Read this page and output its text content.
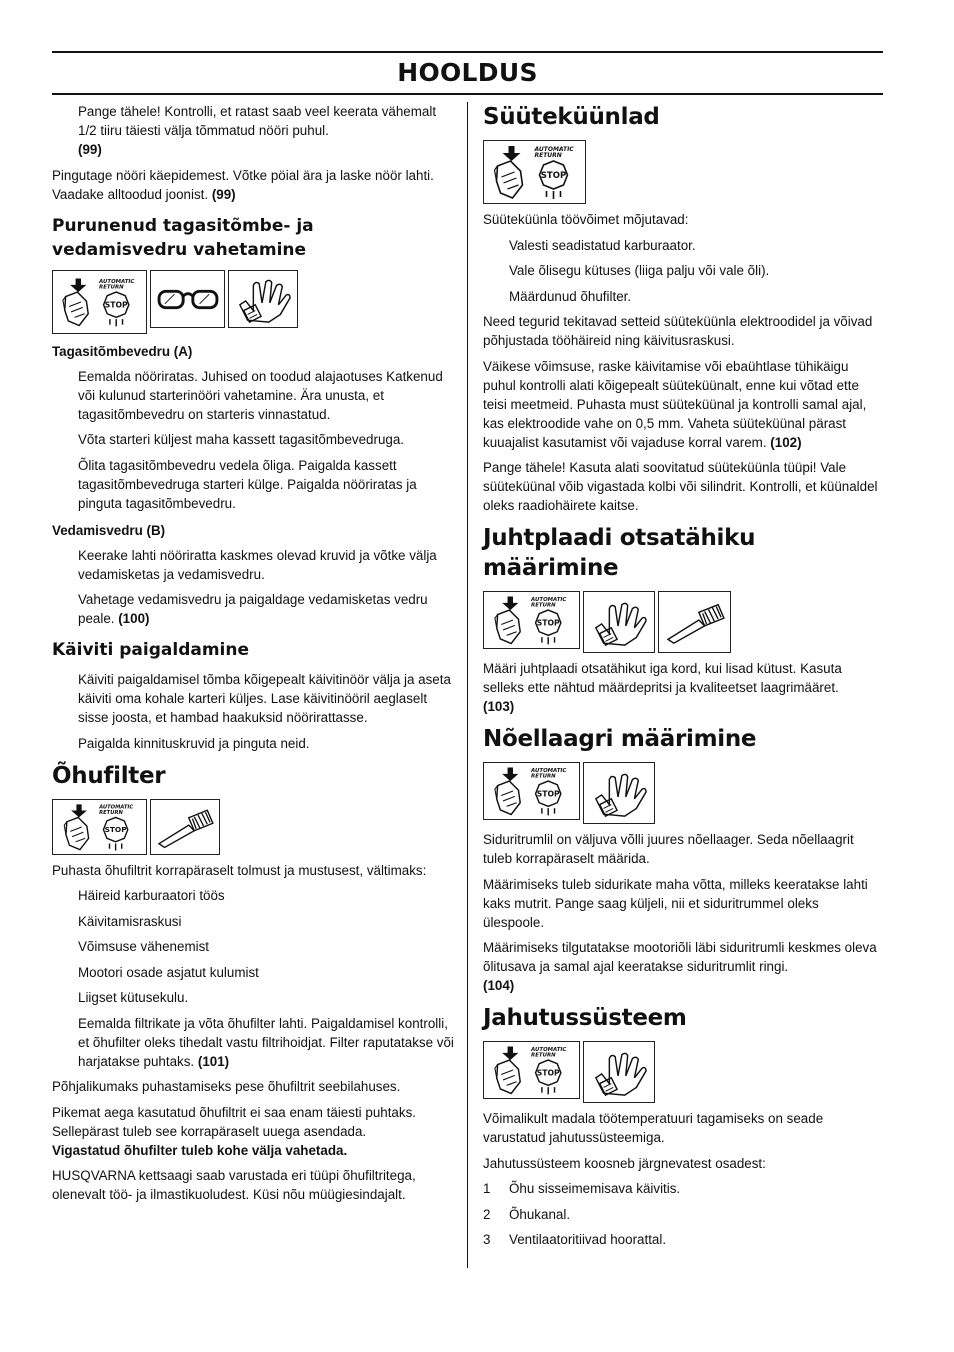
HOOLDUS

Pange tähele! Kontrolli, et ratast saab veel keerata vähemalt 1/2 tiiru täiesti välja tõmmatud nööri puhul.
(99)

Pingutage nööri käepidemest. Võtke pöial ära ja laske nöör lahti. Vaadake alltoodud joonist. (99)

Purunenud tagasitõmbe- ja vedamisvedru vahetamine
Tagasitõmbevedru (A)

Eemalda nööriratas. Juhised on toodud alajaotuses Katkenud või kulunud starterinööri vahetamine. Ära unusta, et tagasitõmbevedru on starteris vinnastatud.

Võta starteri küljest maha kassett tagasitõmbevedruga.

Õlita tagasitõmbevedru vedela õliga. Paigalda kassett tagasitõmbevedruga starteri külge. Paigalda nööriratas ja pinguta tagasitõmbevedru.

Vedamisvedru (B)

Keerake lahti nööriratta kaskmes olevad kruvid ja võtke välja vedamisketas ja vedamisvedru.

Vahetage vedamisvedru ja paigaldage vedamisketas vedru peale. (100)

Käiviti paigaldamine

Käiviti paigaldamisel tõmba kõigepealt käivitinöör välja ja aseta käiviti oma kohale karteri küljes. Lase käivitinööril aeglaselt sisse joosta, et hambad haakuksid nöörirattasse.

Paigalda kinnituskruvid ja pinguta neid.

Õhufilter

Puhasta õhufiltrit korrapäraselt tolmust ja mustusest, vältimaks:

Häireid karburaatori töös

Käivitamisraskusi

Võimsuse vähenemist

Mootori osade asjatut kulumist

Liigset kütusekulu.

Eemalda filtrikate ja võta õhufilter lahti. Paigaldamisel kontrolli, et õhufilter oleks tihedalt vastu filtrihoidjat. Filter raputatakse või harjatakse puhtaks. (101)

Põhjalikumaks puhastamiseks pese õhufiltrit seebilahuses.

Pikemat aega kasutatud õhufiltrit ei saa enam täiesti puhtaks. Sellepärast tuleb see korrapäraselt uuega asendada.
Vigastatud õhufilter tuleb kohe välja vahetada.

HUSQVARNA kettsaagi saab varustada eri tüüpi õhufiltritega, olenevalt töö- ja ilmastikuoludest. Küsi nõu müügiesindajalt.

Süüteküünlad

Süüteküünla töövõimet mõjutavad:

Valesti seadistatud karburaator.

Vale õlisegu kütuses (liiga palju või vale õli).

Määrdunud õhufilter.

Need tegurid tekitavad setteid süüteküünla elektroodidel ja võivad põhjustada tööhäireid ning käivitusraskusi.

Väikese võimsuse, raske käivitamise või ebaühtlase tühikäigu puhul kontrolli alati kõigepealt süüteküünalt, enne kui võtad ette teisi meetmeid. Puhasta must süüteküünal ja kontrolli samal ajal, kas elektroodide vahe on 0,5 mm. Vaheta süüteküünal pärast kuuajalist kasutamist või vajaduse korral varem. (102)

Pange tähele! Kasuta alati soovitatud süüteküünla tüüpi! Vale süüteküünal võib vigastada kolbi või silindrit. Kontrolli, et küünaldel oleks raadiohäirete kaitse.

Juhtplaadi otsatähiku määrimine

Määri juhtplaadi otsatähikut iga kord, kui lisad kütust. Kasuta selleks ette nähtud määrdepritsi ja kvaliteetset laagrimääret.
(103)

Nõellaagri määrimine

Siduritrumlil on väljuva võlli juures nõellaager. Seda nõellaagrit tuleb korrapäraselt määrida.

Määrimiseks tuleb sidurikate maha võtta, milleks keeratakse lahti kaks mutrit. Pange saag küljeli, nii et siduritrummel oleks ülespoole.

Määrimiseks tilgutatakse mootoriõli läbi siduritrumli keskmes oleva õlitusava ja samal ajal keeratakse siduritrumlit ringi.
(104)

Jahutussüsteem

Võimalikult madala töötemperatuuri tagamiseks on seade varustatud jahutussüsteemiga.

Jahutussüsteem koosneb järgnevatest osadest:

1	Õhu sisseimemisava käivitis.

2	Õhukanal.

3	Ventilaatoritiivad hoorattal.
